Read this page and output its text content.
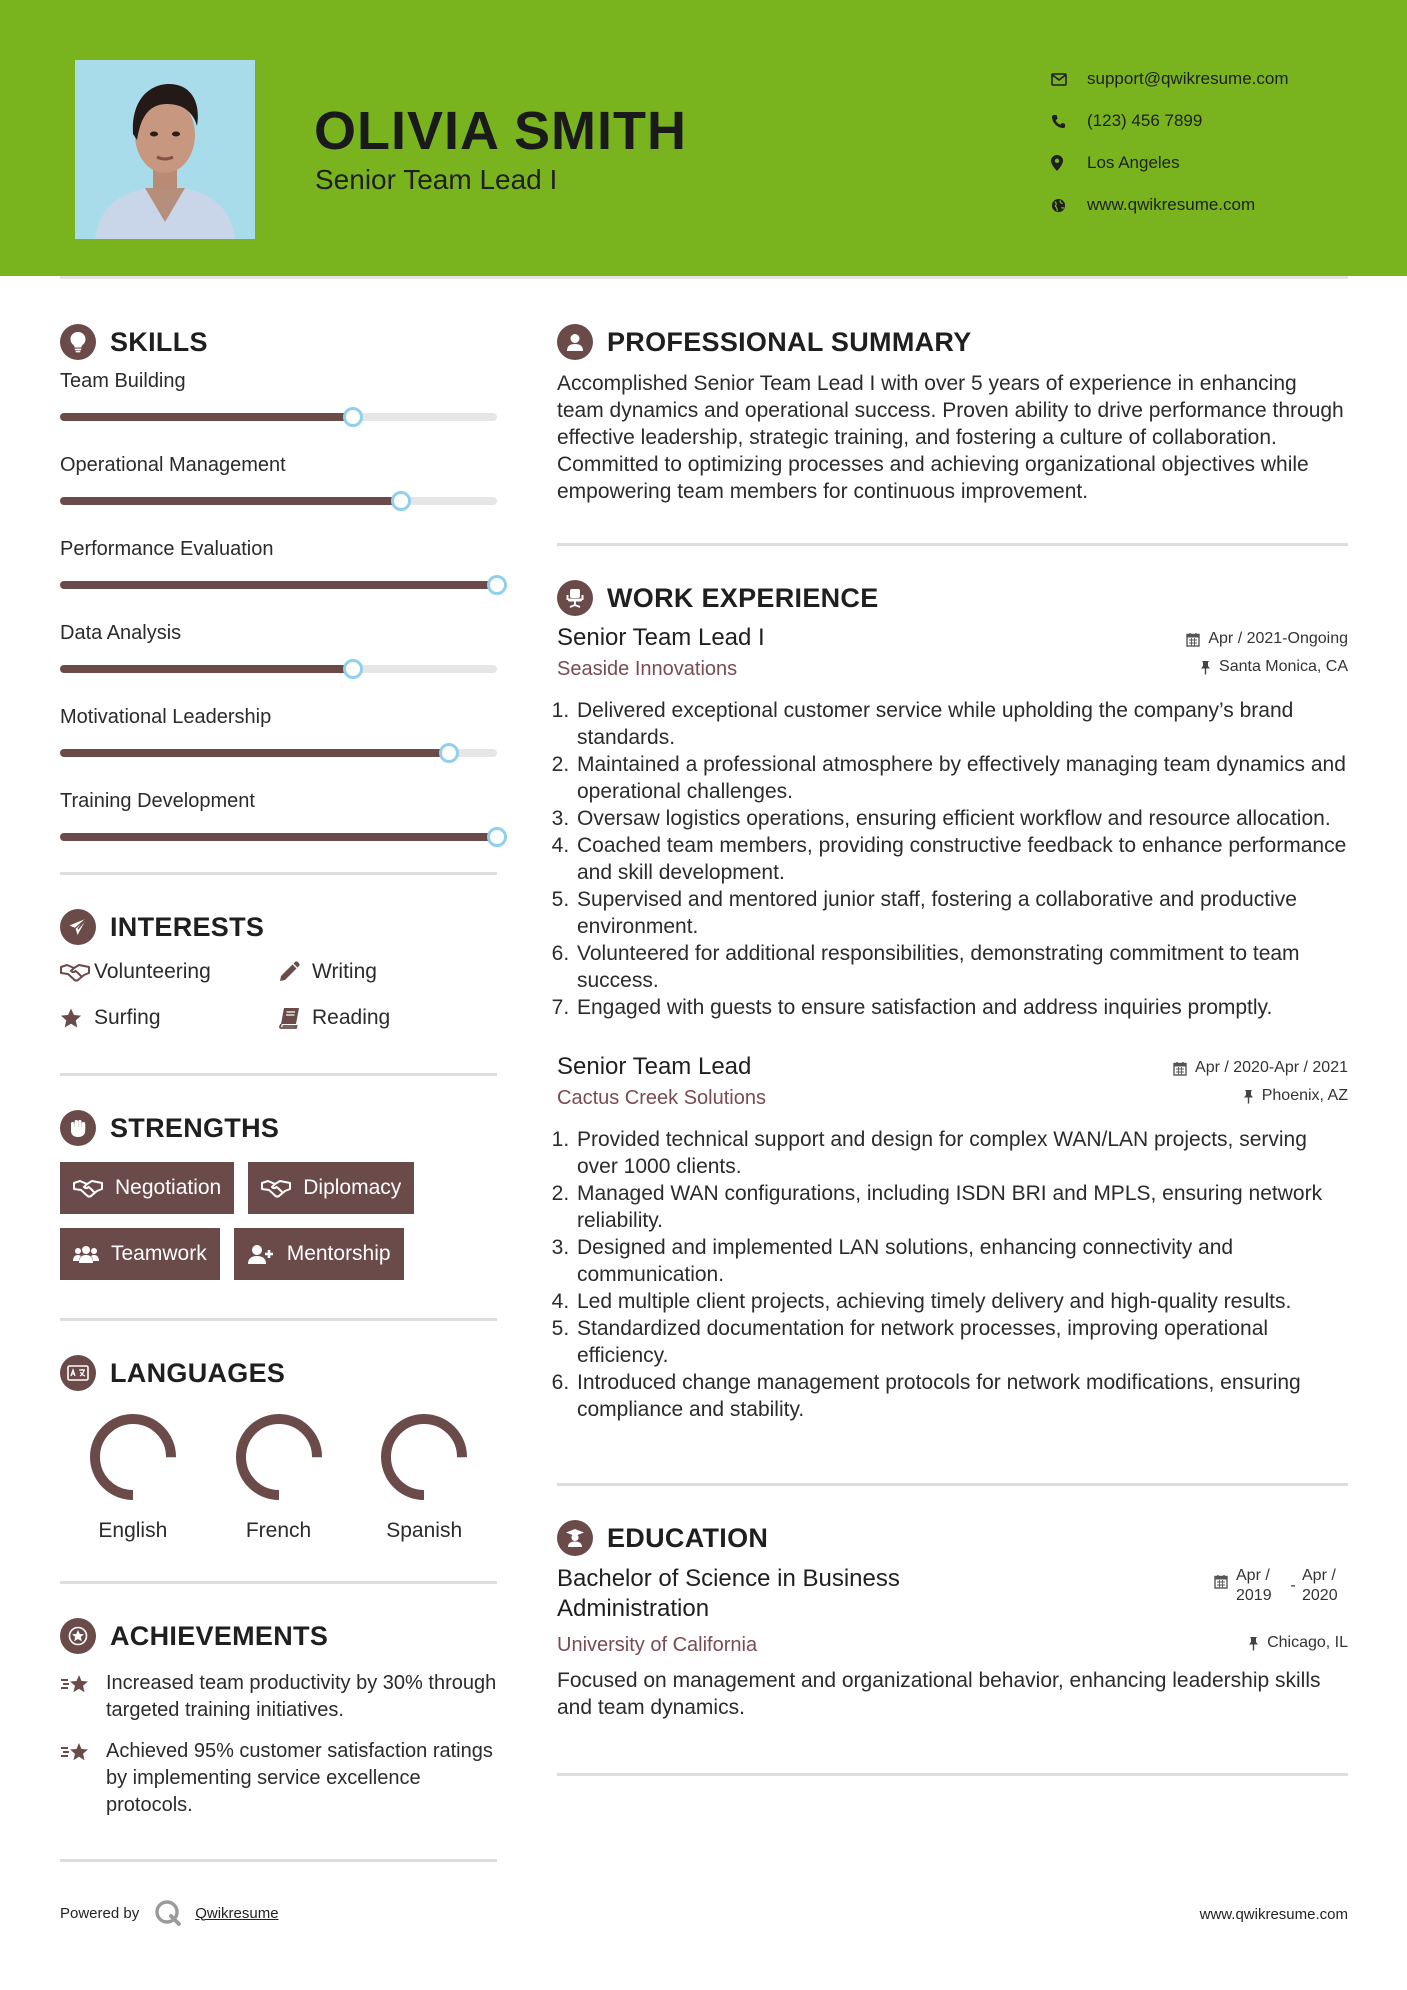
OLIVIA SMITH
Senior Team Lead I
support@qwikresume.com
(123) 456 7899
Los Angeles
www.qwikresume.com
SKILLS
Team Building
Operational Management
Performance Evaluation
Data Analysis
Motivational Leadership
Training Development
INTERESTS
Volunteering	Writing
Surfing	Reading
STRENGTHS
Negotiation	Diplomacy
Teamwork	Mentorship
LANGUAGES
English	French	Spanish
ACHIEVEMENTS
Increased team productivity by 30% through targeted training initiatives.
Achieved 95% customer satisfaction ratings by implementing service excellence protocols.
PROFESSIONAL SUMMARY
Accomplished Senior Team Lead I with over 5 years of experience in enhancing team dynamics and operational success. Proven ability to drive performance through effective leadership, strategic training, and fostering a culture of collaboration. Committed to optimizing processes and achieving organizational objectives while empowering team members for continuous improvement.
WORK EXPERIENCE
Senior Team Lead I	Apr / 2021-Ongoing
Seaside Innovations	Santa Monica, CA
1. Delivered exceptional customer service while upholding the company’s brand standards.
2. Maintained a professional atmosphere by effectively managing team dynamics and operational challenges.
3. Oversaw logistics operations, ensuring efficient workflow and resource allocation.
4. Coached team members, providing constructive feedback to enhance performance and skill development.
5. Supervised and mentored junior staff, fostering a collaborative and productive environment.
6. Volunteered for additional responsibilities, demonstrating commitment to team success.
7. Engaged with guests to ensure satisfaction and address inquiries promptly.
Senior Team Lead	Apr / 2020-Apr / 2021
Cactus Creek Solutions	Phoenix, AZ
1. Provided technical support and design for complex WAN/LAN projects, serving over 1000 clients.
2. Managed WAN configurations, including ISDN BRI and MPLS, ensuring network reliability.
3. Designed and implemented LAN solutions, enhancing connectivity and communication.
4. Led multiple client projects, achieving timely delivery and high-quality results.
5. Standardized documentation for network processes, improving operational efficiency.
6. Introduced change management protocols for network modifications, ensuring compliance and stability.
EDUCATION
Bachelor of Science in Business Administration
Apr / 2019
-
Apr / 2020
University of California	Chicago, IL
Focused on management and organizational behavior, enhancing leadership skills and team dynamics.
Powered by	Qwikresume	www.qwikresume.com
